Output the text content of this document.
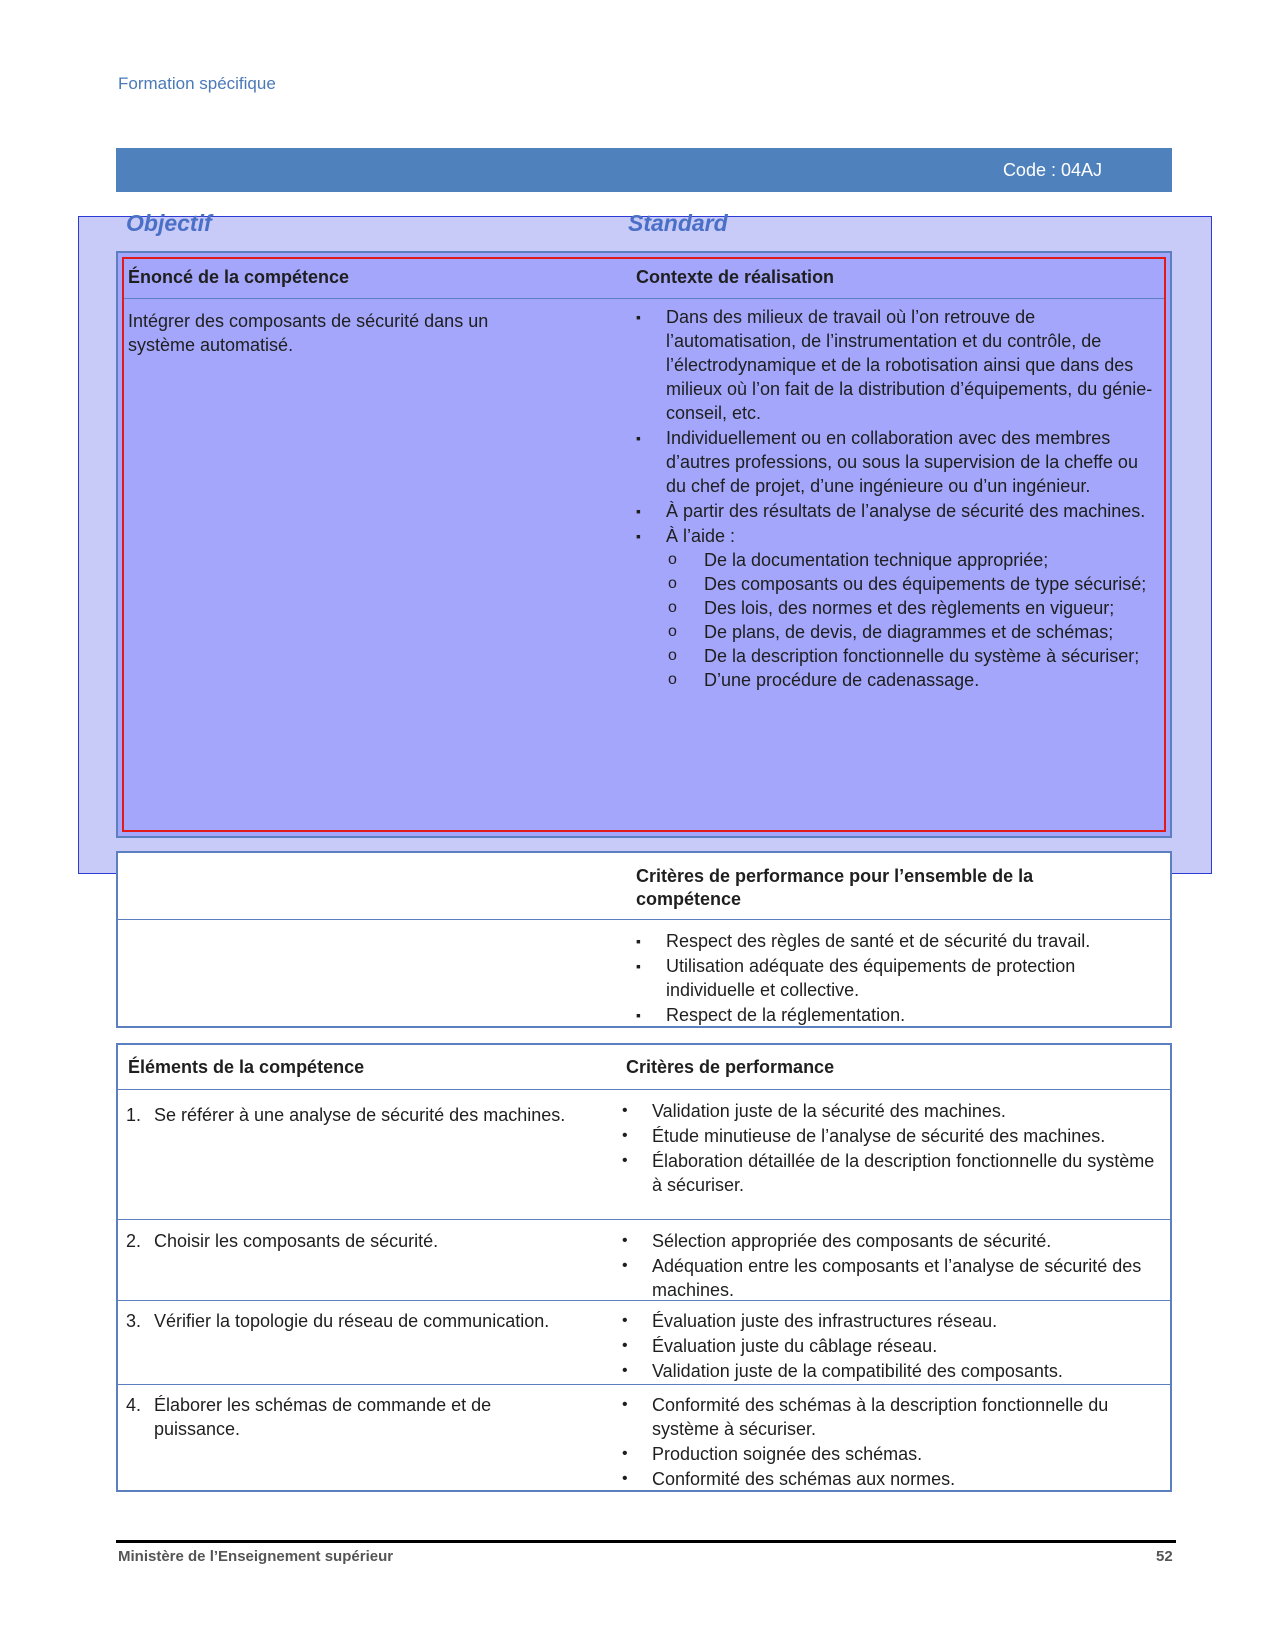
Formation spécifique
Code : 04AJ
Objectif	Standard
Énoncé de la compétence	Contexte de réalisation
Intégrer des composants de sécurité dans un système automatisé.
▪ Dans des milieux de travail où l’on retrouve de l’automatisation, de l’instrumentation et du contrôle, de l’électrodynamique et de la robotisation ainsi que dans des milieux où l’on fait de la distribution d’équipements, du génie-conseil, etc.
▪ Individuellement ou en collaboration avec des membres d’autres professions, ou sous la supervision de la cheffe ou du chef de projet, d’une ingénieure ou d’un ingénieur.
▪ À partir des résultats de l’analyse de sécurité des machines.
▪ À l’aide :
o De la documentation technique appropriée;
o Des composants ou des équipements de type sécurisé;
o Des lois, des normes et des règlements en vigueur;
o De plans, de devis, de diagrammes et de schémas;
o De la description fonctionnelle du système à sécuriser;
o D’une procédure de cadenassage.
Critères de performance pour l’ensemble de la compétence
▪ Respect des règles de santé et de sécurité du travail.
▪ Utilisation adéquate des équipements de protection individuelle et collective.
▪ Respect de la réglementation.
Éléments de la compétence	Critères de performance
1. Se référer à une analyse de sécurité des machines.	• Validation juste de la sécurité des machines.
• Étude minutieuse de l’analyse de sécurité des machines.
• Élaboration détaillée de la description fonctionnelle du système à sécuriser.
2. Choisir les composants de sécurité.	• Sélection appropriée des composants de sécurité.
• Adéquation entre les composants et l’analyse de sécurité des machines.
3. Vérifier la topologie du réseau de communication.	• Évaluation juste des infrastructures réseau.
• Évaluation juste du câblage réseau.
• Validation juste de la compatibilité des composants.
4. Élaborer les schémas de commande et de puissance.
• Conformité des schémas à la description fonctionnelle du système à sécuriser.
• Production soignée des schémas.
• Conformité des schémas aux normes.
Ministère de l’Enseignement supérieur	52
